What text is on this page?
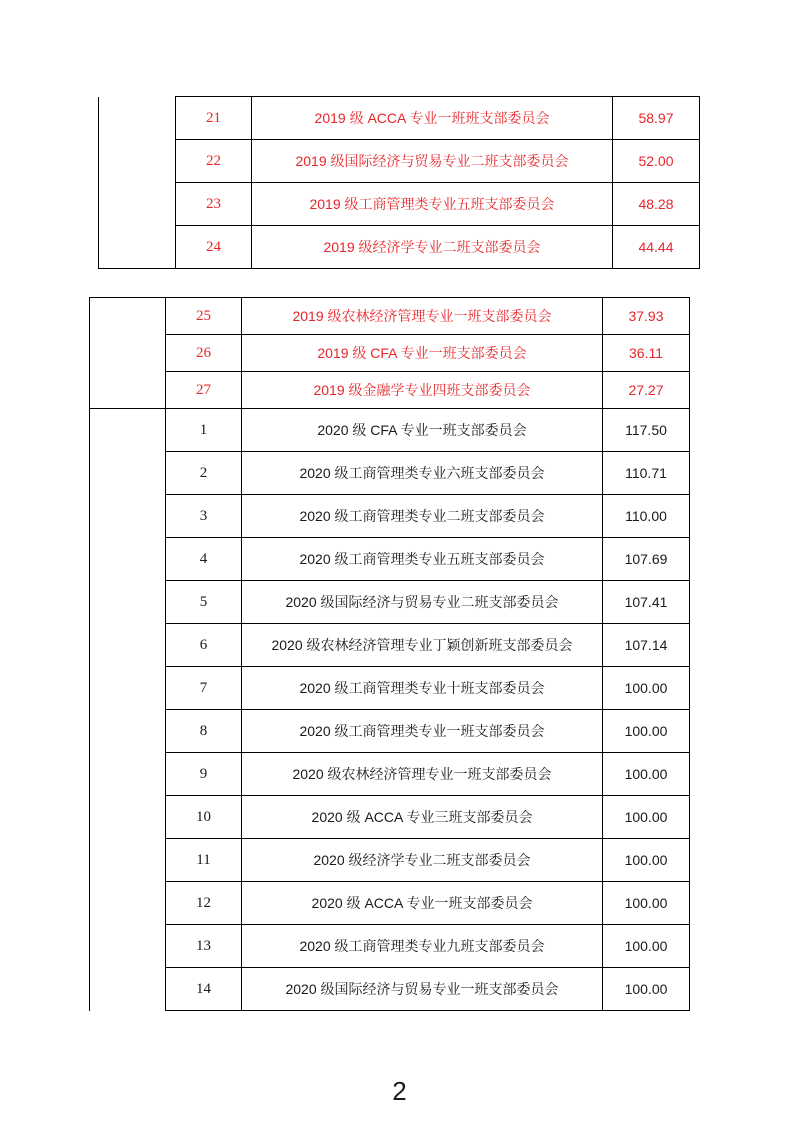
	21	2019 级 ACCA 专业一班班支部委员会	58.97
	22	2019 级国际经济与贸易专业二班支部委员会	52.00
	23	2019 级工商管理类专业五班支部委员会	48.28
	24	2019 级经济学专业二班支部委员会	44.44
	25	2019 级农林经济管理专业一班支部委员会	37.93
	26	2019 级 CFA 专业一班支部委员会	36.11
	27	2019 级金融学专业四班支部委员会	27.27
	1	2020 级 CFA 专业一班支部委员会	117.50
	2	2020 级工商管理类专业六班支部委员会	110.71
	3	2020 级工商管理类专业二班支部委员会	110.00
	4	2020 级工商管理类专业五班支部委员会	107.69
	5	2020 级国际经济与贸易专业二班支部委员会	107.41
	6	2020 级农林经济管理专业丁颖创新班支部委员会	107.14
	7	2020 级工商管理类专业十班支部委员会	100.00
	8	2020 级工商管理类专业一班支部委员会	100.00
	9	2020 级农林经济管理专业一班支部委员会	100.00
	10	2020 级 ACCA 专业三班支部委员会	100.00
	11	2020 级经济学专业二班支部委员会	100.00
	12	2020 级 ACCA 专业一班支部委员会	100.00
	13	2020 级工商管理类专业九班支部委员会	100.00
	14	2020 级国际经济与贸易专业一班支部委员会	100.00
2
